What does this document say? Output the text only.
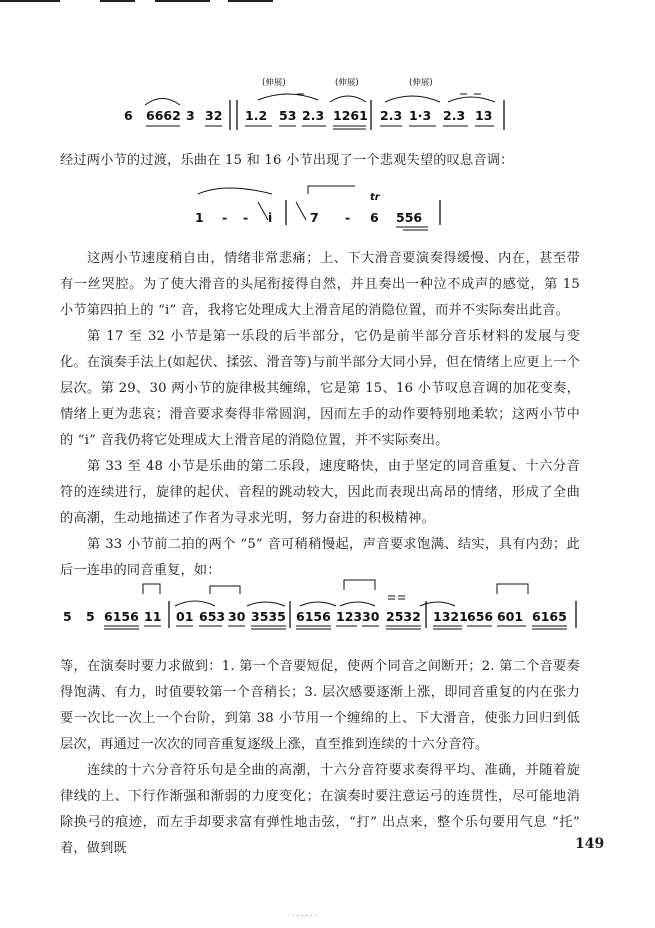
(伸展)	(伸展)	(伸展)
6 6662 3 32 1.2 53 2.3 1261 2.3 1·3 2.3 13

经过两小节的过渡，乐曲在 15 和 16 小节出现了一个悲观失望的叹息音调：

tr
1 - - i	7 - 6 556

这两小节速度稍自由，情绪非常悲痛；上、下大滑音要演奏得缓慢、内在，甚至带有一丝哭腔。为了使大滑音的头尾衔接得自然，并且奏出一种泣不成声的感觉，第 15 小节第四拍上的 “i” 音，我将它处理成大上滑音尾的消隐位置，而并不实际奏出此音。

第 17 至 32 小节是第一乐段的后半部分，它仍是前半部分音乐材料的发展与变化。在演奏手法上(如起伏、揉弦、滑音等)与前半部分大同小异，但在情绪上应更上一个层次。第 29、30 两小节的旋律极其缠绵，它是第 15、16 小节叹息音调的加花变奏，情绪上更为悲哀；滑音要求奏得非常圆润，因而左手的动作要特别地柔软；这两小节中的 “i” 音我仍将它处理成大上滑音尾的消隐位置，并不实际奏出。

第 33 至 48 小节是乐曲的第二乐段，速度略快，由于坚定的同音重复、十六分音符的连续进行，旋律的起伏、音程的跳动较大，因此而表现出高昂的情绪，形成了全曲的高潮，生动地描述了作者为寻求光明，努力奋进的积极精神。

第 33 小节前二拍的两个 “5” 音可稍稍慢起，声音要求饱满、结实，具有内劲；此后一连串的同音重复，如：

5 5 6156 11 01 653 30 3535 6156 123 30 2532 1321 656 601 6165

等，在演奏时要力求做到：1. 第一个音要短促，使两个同音之间断开；2. 第二个音要奏得饱满、有力，时值要较第一个音稍长；3. 层次感要逐渐上涨，即同音重复的内在张力要一次比一次上一个台阶，到第 38 小节用一个缠绵的上、下大滑音，使张力回归到低层次，再通过一次次的同音重复逐级上涨，直至推到连续的十六分音符。

连续的十六分音符乐句是全曲的高潮，十六分音符要求奏得平均、准确，并随着旋律线的上、下行作渐强和渐弱的力度变化；在演奏时要注意运弓的连贯性，尽可能地消除换弓的痕迹，而左手却要求富有弹性地击弦，“打” 出点来，整个乐句要用气息 “托” 着，做到既	149
......
